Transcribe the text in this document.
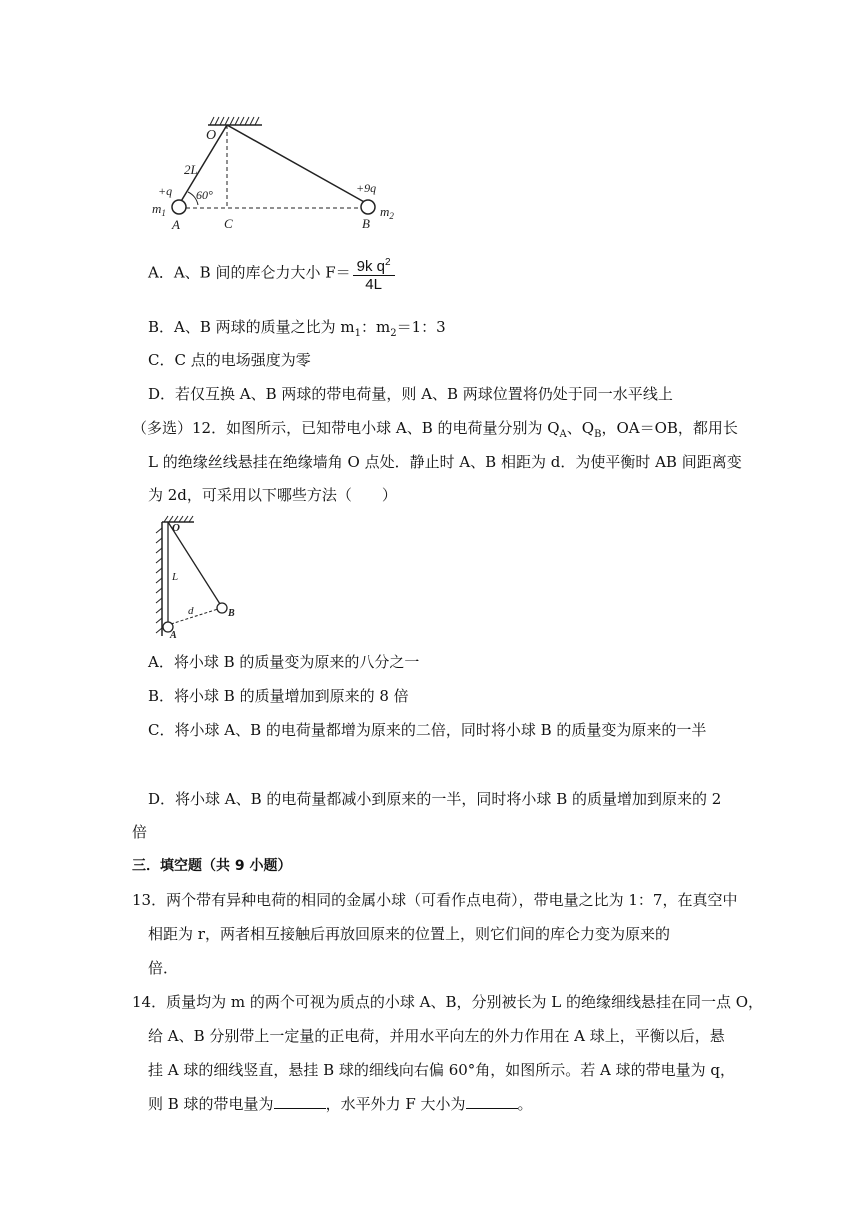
O
2L
+q 60°
$m_1$
A	C
+9q
B
$m_2$
A．A、B 间的库仑力大小 $F= \frac{9k q^2}{4L}$
B．A、B 两球的质量之比为 $m_1$：$m_2=1$：3
C．C 点的电场强度为零
D．若仅互换 A、B 两球的带电荷量，则 A、B 两球位置将仍处于同一水平线上
（多选）12．如图所示，已知带电小球 A、B 的电荷量分别为 $Q_A$、$Q_B$，OA＝OB，都用长
L 的绝缘丝线悬挂在绝缘墙角 O 点处．静止时 A、B 相距为 d．为使平衡时 AB 间距离变
为 2d，可采用以下哪些方法（　　）
O
L
d
A
B
A．将小球 B 的质量变为原来的八分之一
B．将小球 B 的质量增加到原来的 8 倍
C．将小球 A、B 的电荷量都增为原来的二倍，同时将小球 B 的质量变为原来的一半
D．将小球 A、B 的电荷量都减小到原来的一半，同时将小球 B 的质量增加到原来的 2
倍
三．填空题（共 9 小题）
13．两个带有异种电荷的相同的金属小球（可看作点电荷），带电量之比为 1：7，在真空中
相距为 r，两者相互接触后再放回原来的位置上，则它们间的库仑力变为原来的
倍．
14．质量均为 m 的两个可视为质点的小球 A、B，分别被长为 L 的绝缘细线悬挂在同一点 O，
给 A、B 分别带上一定量的正电荷，并用水平向左的外力作用在 A 球上，平衡以后，悬
挂 A 球的细线竖直，悬挂 B 球的细线向右偏 60°角，如图所示。若 A 球的带电量为 q，
则 B 球的带电量为	，水平外力 F 大小为	。
